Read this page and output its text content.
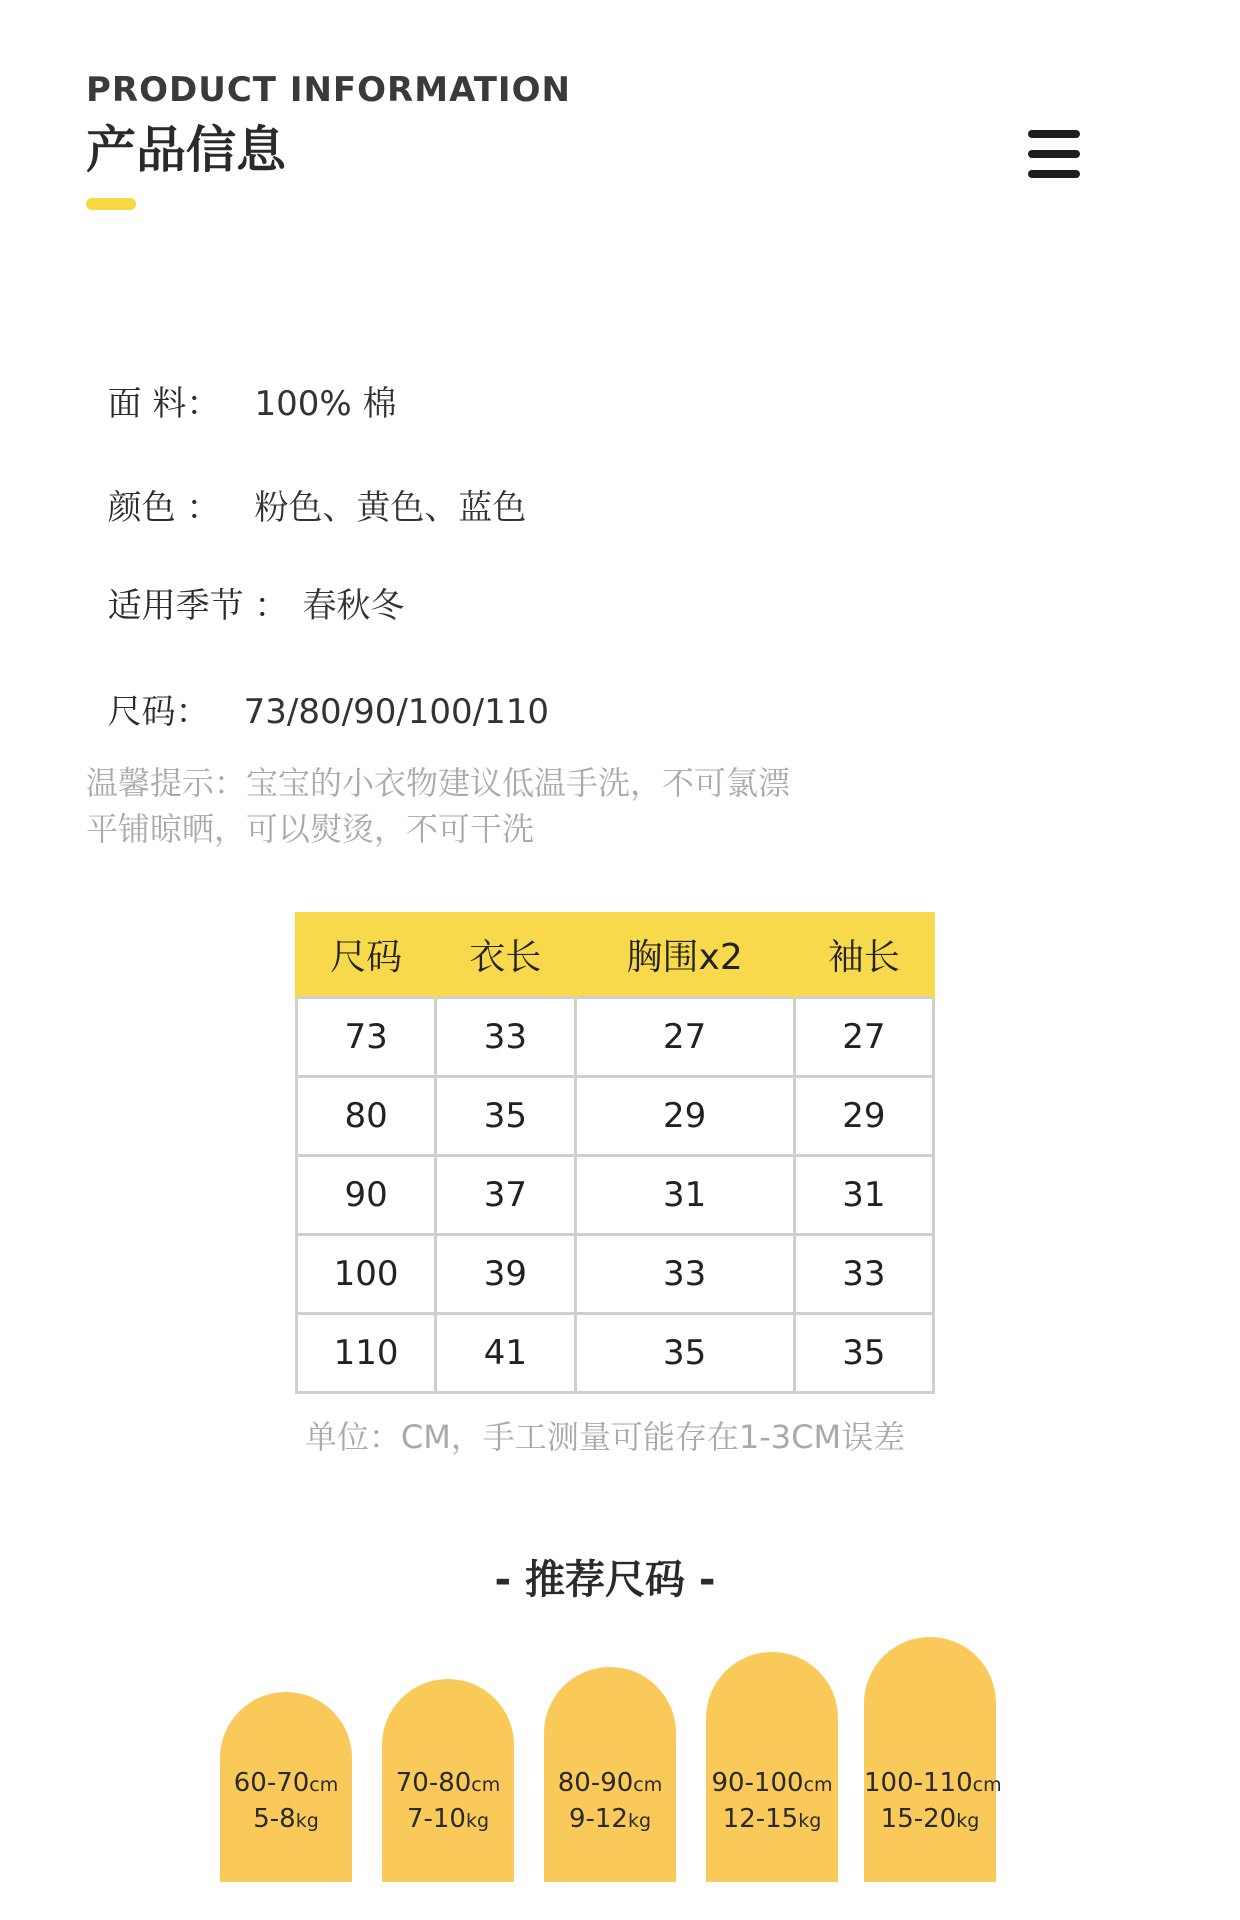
PRODUCT INFORMATION
产品信息

面 料： 100% 棉

颜色 ： 粉色、黄色、蓝色

适用季节 ： 春秋冬

尺码： 73/80/90/100/110

温馨提示：宝宝的小衣物建议低温手洗，不可氯漂
平铺晾晒，可以熨烫，不可干洗
尺码	衣长	胸围x2	袖长
73	33	27	27
80	35	29	29
90	37	31	31
100	39	33	33
110	41	35	35
单位：CM，手工测量可能存在1-3CM误差
- 推荐尺码 -
60-70cm
5-8kg
70-80cm
7-10kg
80-90cm
9-12kg
90-100cm
12-15kg
100-110cm
15-20kg
